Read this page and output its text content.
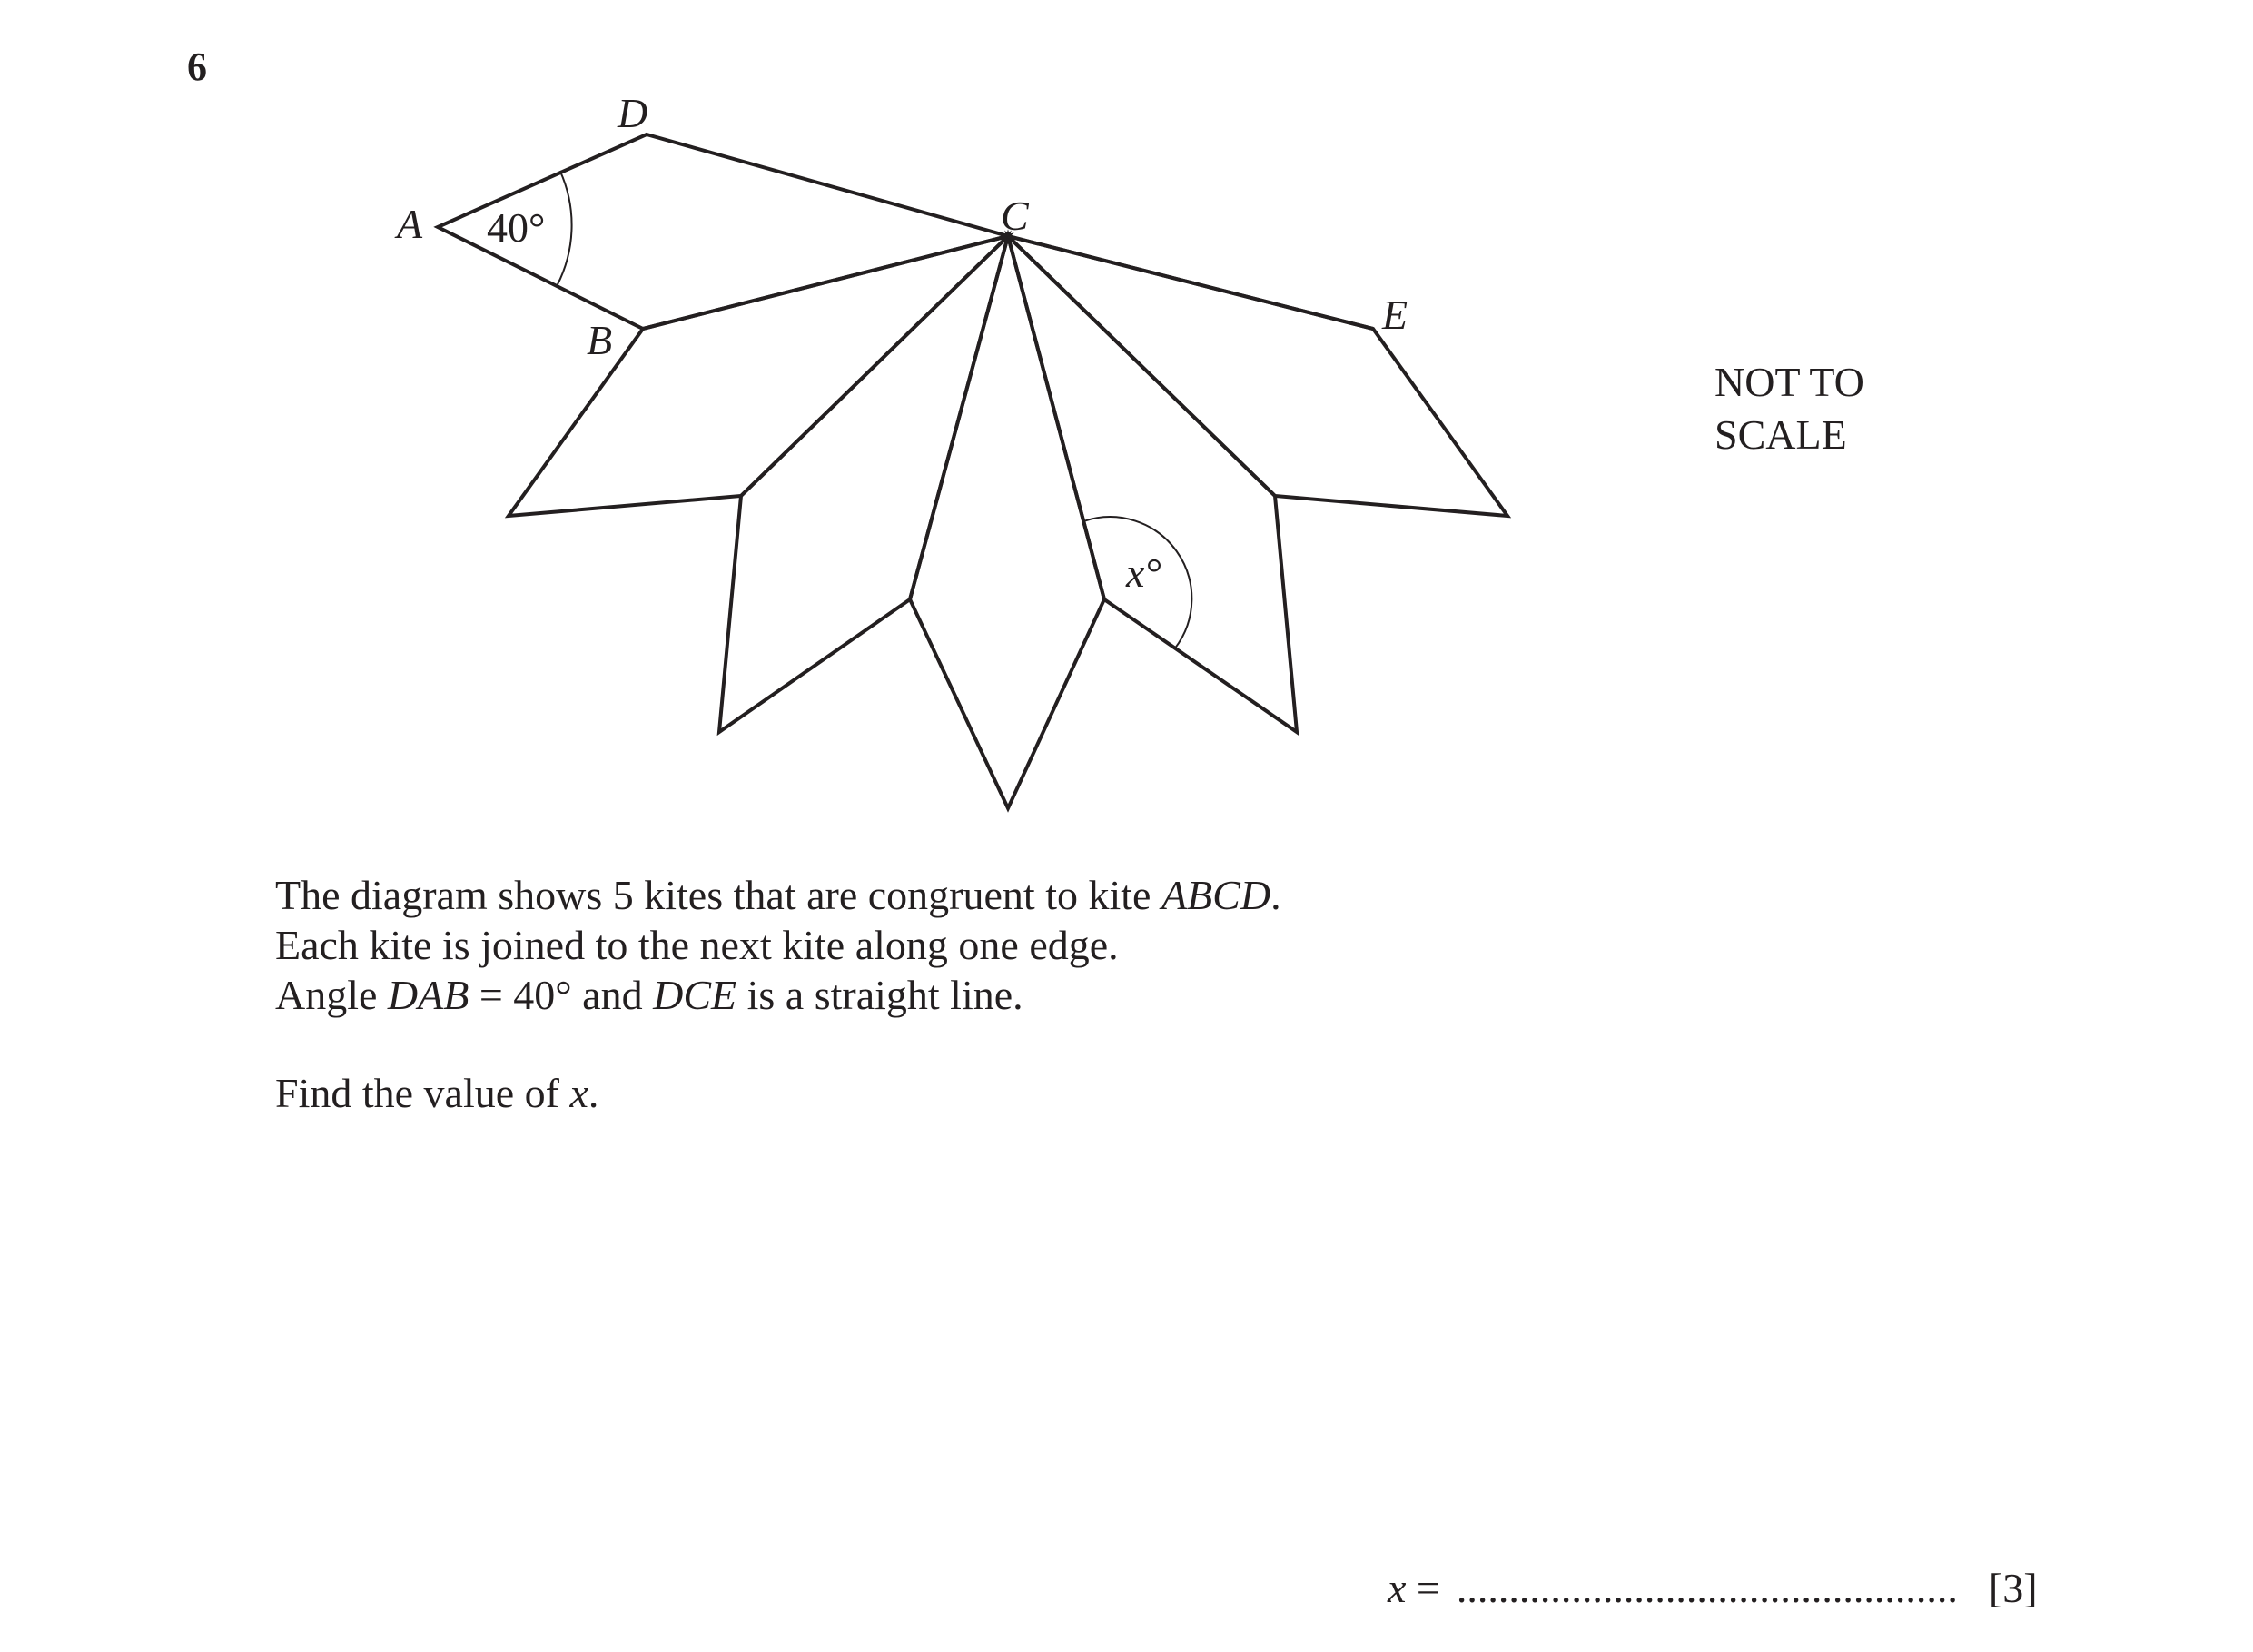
6
A
B
C
D
E
40°
x°
NOT TO
SCALE
The diagram shows 5 kites that are congruent to kite ABCD.
Each kite is joined to the next kite along one edge.
Angle DAB = 40° and DCE is a straight line.
Find the value of x.
x = ................................................ [3]
